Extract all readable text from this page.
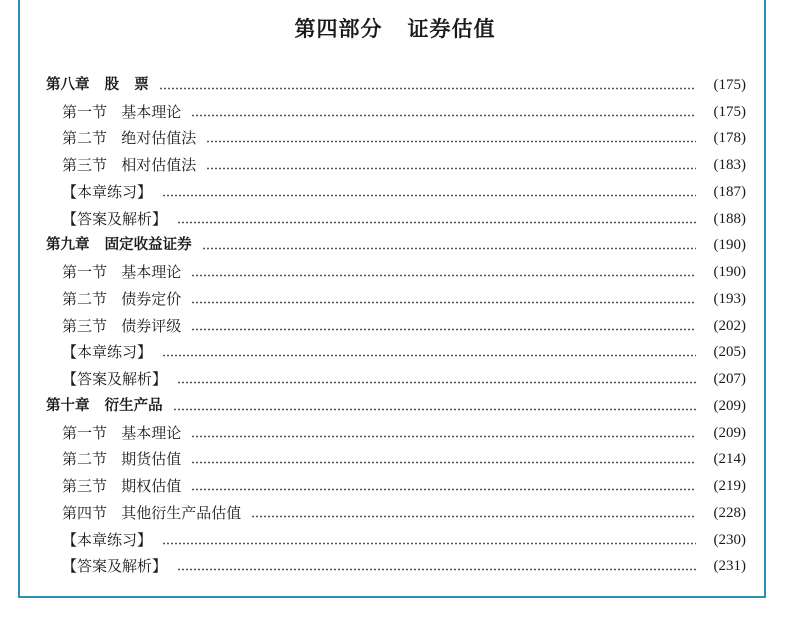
第四部分   证券估值
第八章   股   票	(175)
第一节   基本理论	(175)
第二节   绝对估值法	(178)
第三节   相对估值法	(183)
【本章练习】	(187)
【答案及解析】	(188)
第九章   固定收益证券	(190)
第一节   基本理论	(190)
第二节   债券定价	(193)
第三节   债券评级	(202)
【本章练习】	(205)
【答案及解析】	(207)
第十章   衍生产品	(209)
第一节   基本理论	(209)
第二节   期货估值	(214)
第三节   期权估值	(219)
第四节   其他衍生产品估值	(228)
【本章练习】	(230)
【答案及解析】	(231)
